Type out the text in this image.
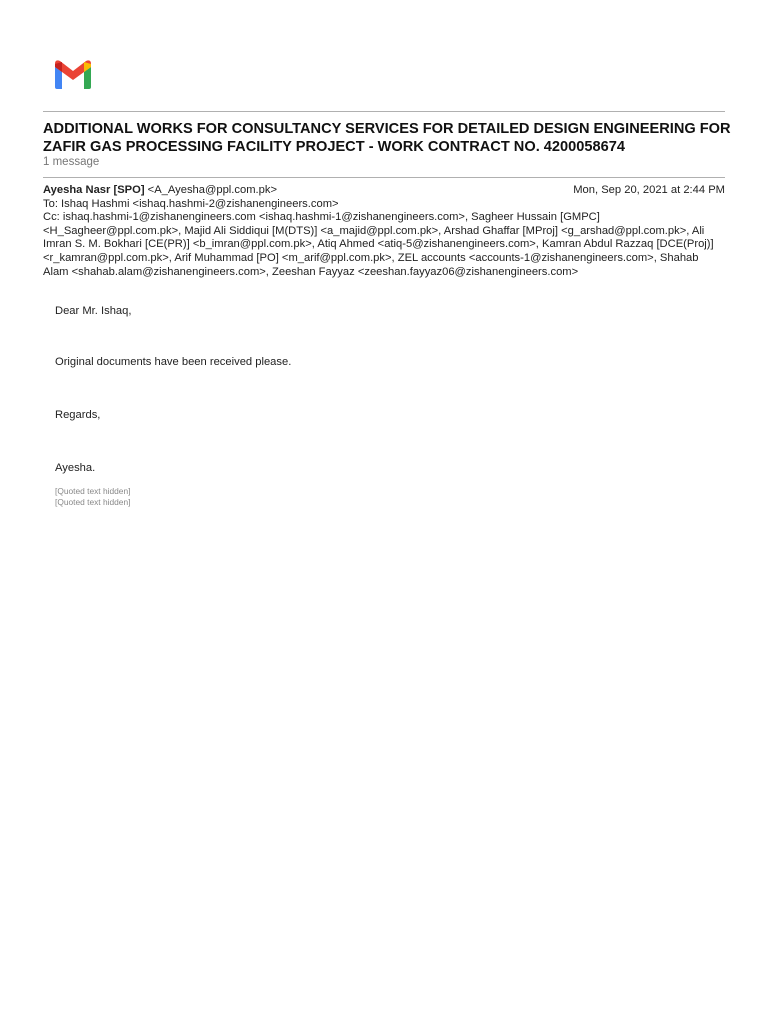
ADDITIONAL WORKS FOR CONSULTANCY SERVICES FOR DETAILED DESIGN ENGINEERING FOR ZAFIR GAS PROCESSING FACILITY PROJECT - WORK CONTRACT NO. 4200058674
1 message
Ayesha Nasr [SPO] <A_Ayesha@ppl.com.pk>	Mon, Sep 20, 2021 at 2:44 PM
To: Ishaq Hashmi <ishaq.hashmi-2@zishanengineers.com>
Cc: ishaq.hashmi-1@zishanengineers.com <ishaq.hashmi-1@zishanengineers.com>, Sagheer Hussain [GMPC] <H_Sagheer@ppl.com.pk>, Majid Ali Siddiqui [M(DTS)] <a_majid@ppl.com.pk>, Arshad Ghaffar [MProj] <g_arshad@ppl.com.pk>, Ali Imran S. M. Bokhari [CE(PR)] <b_imran@ppl.com.pk>, Atiq Ahmed <atiq-5@zishanengineers.com>, Kamran Abdul Razzaq [DCE(Proj)] <r_kamran@ppl.com.pk>, Arif Muhammad [PO] <m_arif@ppl.com.pk>, ZEL accounts <accounts-1@zishanengineers.com>, Shahab Alam <shahab.alam@zishanengineers.com>, Zeeshan Fayyaz <zeeshan.fayyaz06@zishanengineers.com>

Dear Mr. Ishaq,

Original documents have been received please.

Regards,

Ayesha.

[Quoted text hidden]
[Quoted text hidden]
